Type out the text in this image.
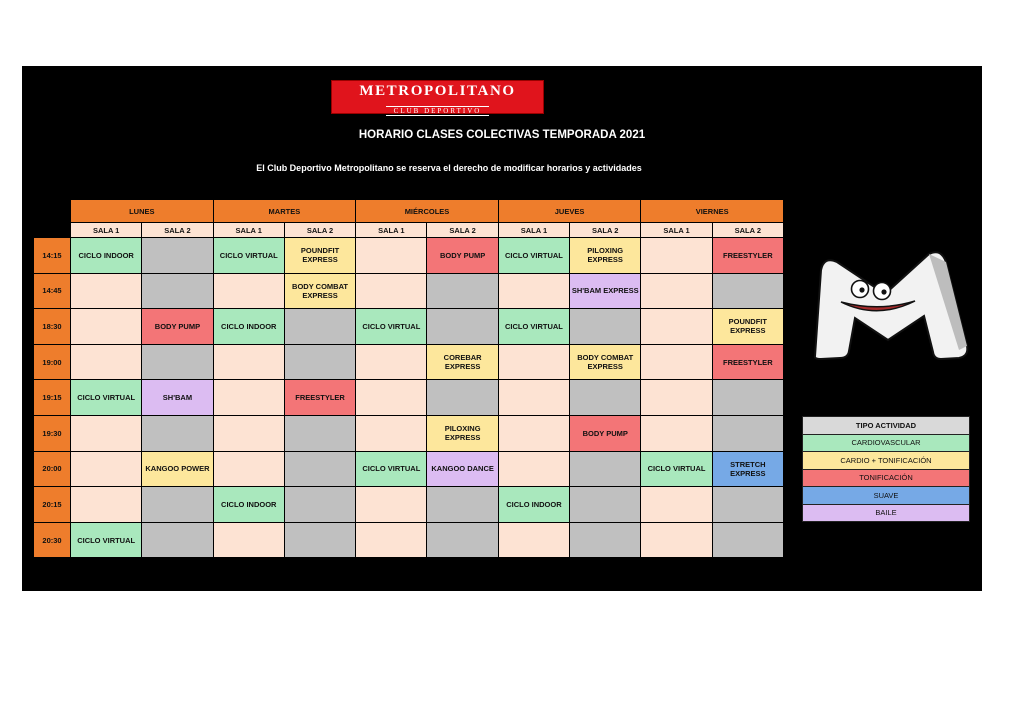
METROPOLITANO
CLUB DEPORTIVO
HORARIO CLASES COLECTIVAS TEMPORADA 2021
El Club Deportivo Metropolitano se reserva el derecho de modificar horarios y actividades
	LUNES		MARTES		MIÉRCOLES		JUEVES		VIERNES	
	SALA 1	SALA 2	SALA 1	SALA 2	SALA 1	SALA 2	SALA 1	SALA 2	SALA 1	SALA 2
14:15	CICLO INDOOR		CICLO VIRTUAL	POUNDFIT EXPRESS		BODY PUMP	CICLO VIRTUAL	PILOXING EXPRESS		FREESTYLER
14:45				BODY COMBAT EXPRESS				SH'BAM EXPRESS		
18:30		BODY PUMP	CICLO INDOOR		CICLO VIRTUAL		CICLO VIRTUAL			POUNDFIT EXPRESS
19:00						COREBAR EXPRESS		BODY COMBAT EXPRESS		FREESTYLER
19:15	CICLO VIRTUAL	SH'BAM		FREESTYLER						
19:30						PILOXING EXPRESS		BODY PUMP		
20:00		KANGOO POWER			CICLO VIRTUAL	KANGOO DANCE			CICLO VIRTUAL	STRETCH EXPRESS
20:15			CICLO INDOOR				CICLO INDOOR			
20:30	CICLO VIRTUAL									
TIPO ACTIVIDAD
CARDIOVASCULAR
CARDIO + TONIFICACIÓN
TONIFICACIÓN
SUAVE
BAILE
